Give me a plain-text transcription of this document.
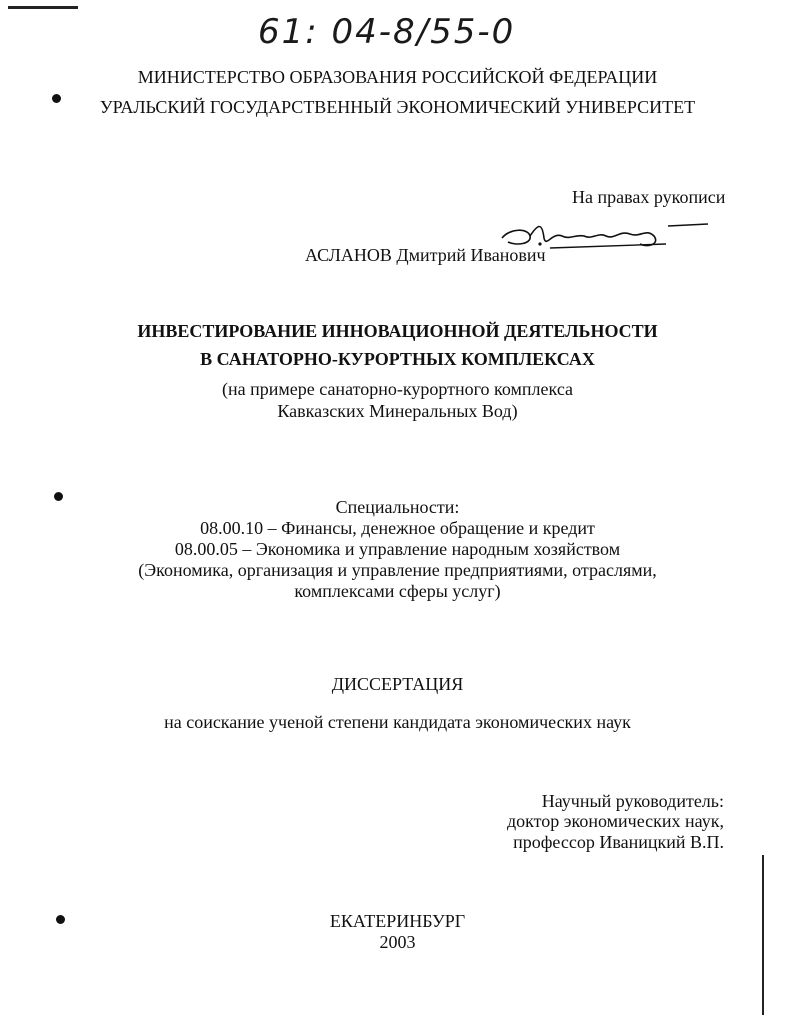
61: 04-8/55-0
МИНИСТЕРСТВО ОБРАЗОВАНИЯ РОССИЙСКОЙ ФЕДЕРАЦИИ
УРАЛЬСКИЙ ГОСУДАРСТВЕННЫЙ ЭКОНОМИЧЕСКИЙ УНИВЕРСИТЕТ
На правах рукописи
АСЛАНОВ Дмитрий Иванович
ИНВЕСТИРОВАНИЕ ИННОВАЦИОННОЙ ДЕЯТЕЛЬНОСТИ
В САНАТОРНО-КУРОРТНЫХ КОМПЛЕКСАХ
(на примере санаторно-курортного комплекса
Кавказских Минеральных Вод)
Специальности:
08.00.10 – Финансы, денежное обращение и кредит
08.00.05 – Экономика и управление народным хозяйством
(Экономика, организация и управление предприятиями, отраслями,
комплексами сферы услуг)
ДИССЕРТАЦИЯ
на соискание ученой степени кандидата экономических наук
Научный руководитель:
доктор экономических наук,
профессор Иваницкий В.П.
ЕКАТЕРИНБУРГ
2003
